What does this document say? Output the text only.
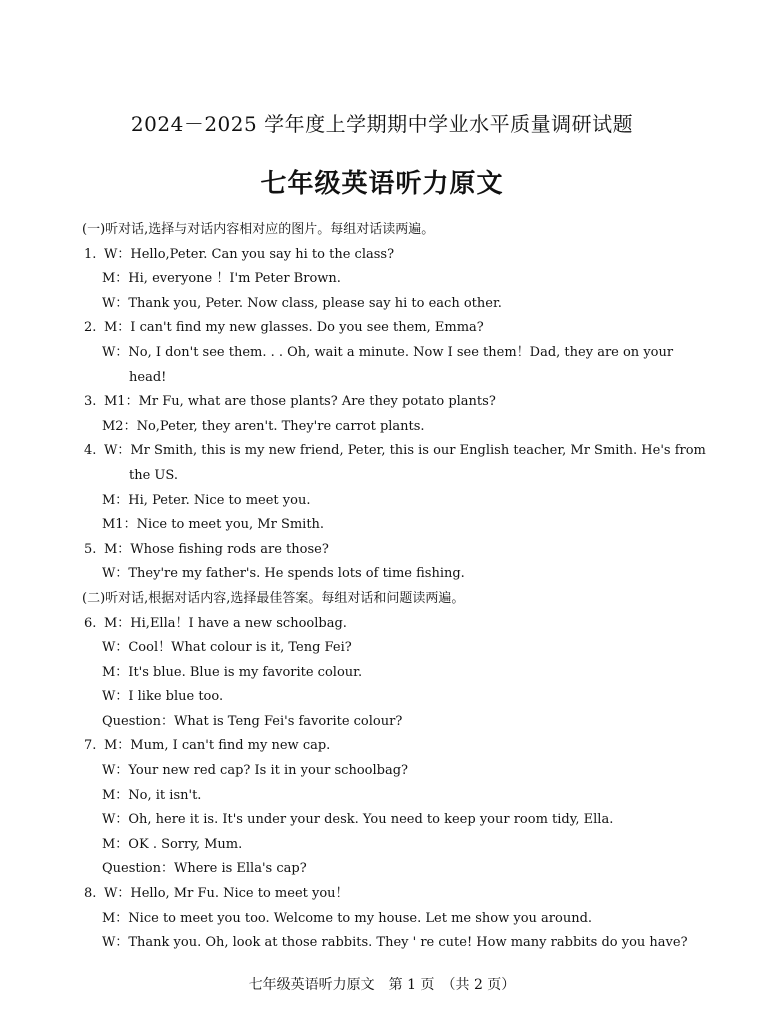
2024－2025 学年度上学期期中学业水平质量调研试题
七年级英语听力原文
(一)听对话,选择与对话内容相对应的图片。每组对话读两遍。
1. W：Hello,Peter. Can you say hi to the class?
M：Hi, everyone ！I'm Peter Brown.
W：Thank you, Peter. Now class, please say hi to each other.
2. M：I can't find my new glasses. Do you see them, Emma?
W：No, I don't see them. . . Oh, wait a minute. Now I see them！Dad, they are on your
head!
3. M1：Mr Fu, what are those plants? Are they potato plants?
M2：No,Peter, they aren't. They're carrot plants.
4. W：Mr Smith, this is my new friend, Peter, this is our English teacher, Mr Smith. He's from
the US.
M：Hi, Peter. Nice to meet you.
M1：Nice to meet you, Mr Smith.
5. M：Whose fishing rods are those?
W：They're my father's. He spends lots of time fishing.
(二)听对话,根据对话内容,选择最佳答案。每组对话和问题读两遍。
6. M：Hi,Ella！I have a new schoolbag.
W：Cool！What colour is it, Teng Fei?
M：It's blue. Blue is my favorite colour.
W：I like blue too.
Question：What is Teng Fei's favorite colour?
7. M：Mum, I can't find my new cap.
W：Your new red cap? Is it in your schoolbag?
M：No, it isn't.
W：Oh, here it is. It's under your desk. You need to keep your room tidy, Ella.
M：OK . Sorry, Mum.
Question：Where is Ella's cap?
8. W：Hello, Mr Fu. Nice to meet you！
M：Nice to meet you too. Welcome to my house. Let me show you around.
W：Thank you. Oh, look at those rabbits. They ' re cute! How many rabbits do you have?
七年级英语听力原文　第 1 页　（共 2 页）
